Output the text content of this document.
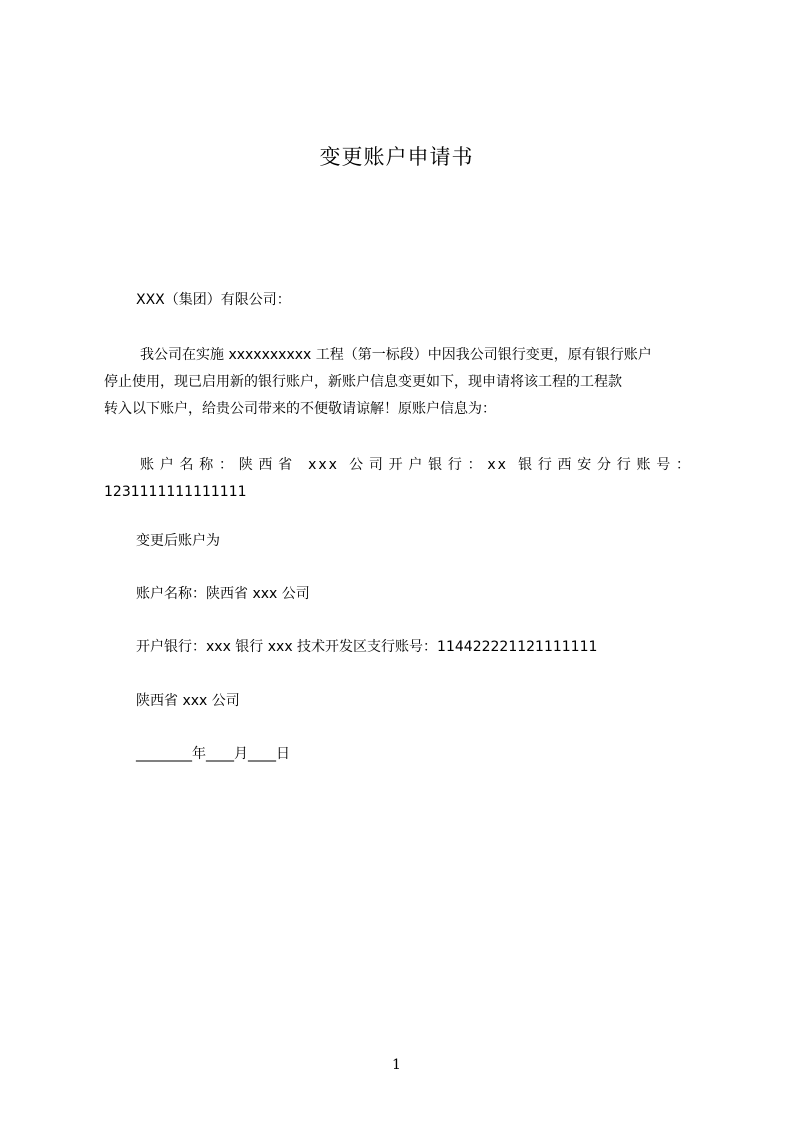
变更账户申请书
XXX（集团）有限公司：
我公司在实施 xxxxxxxxxx 工程（第一标段）中因我公司银行变更，原有银行账户
停止使用，现已启用新的银行账户，新账户信息变更如下，现申请将该工程的工程款
转入以下账户，给贵公司带来的不便敬请谅解！原账户信息为：
账户名称：陕西省 xxx 公司开户银行：xx 银行西安分行账号：
1231111111111111
变更后账户为
账户名称：陕西省 xxx 公司
开户银行：xxx 银行 xxx 技术开发区支行账号：114422221121111111
陕西省 xxx 公司
________年____月____日
1
